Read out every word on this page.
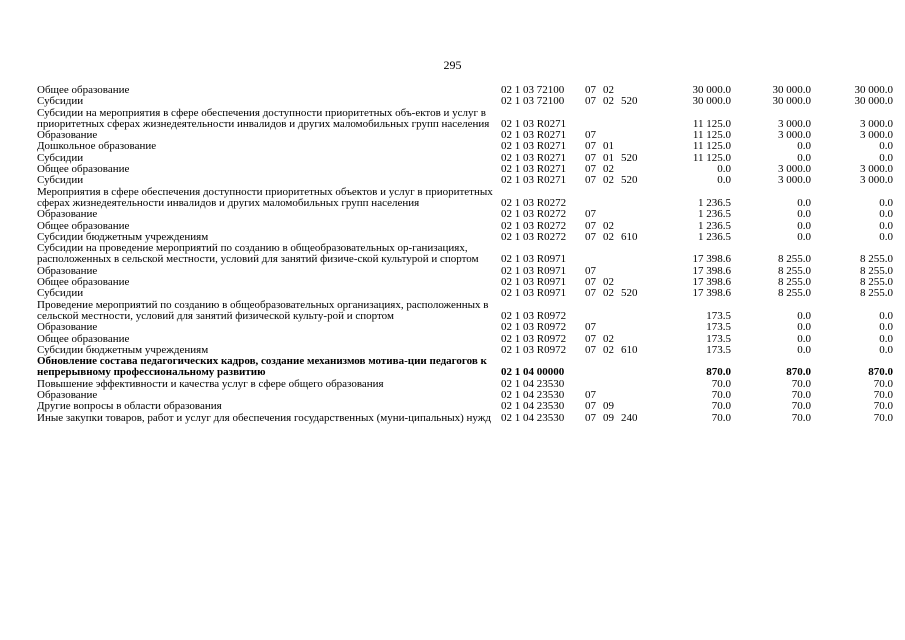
295
Общее образование	02 1 03 72100	07	02		30 000.0	30 000.0	30 000.0
Субсидии	02 1 03 72100	07	02	520	30 000.0	30 000.0	30 000.0
Субсидии на мероприятия в сфере обеспечения доступности приоритетных объ-ектов и услуг в приоритетных сферах жизнедеятельности инвалидов и других маломобильных групп населения	02 1 03 R0271				11 125.0	3 000.0	3 000.0
Образование	02 1 03 R0271	07			11 125.0	3 000.0	3 000.0
Дошкольное образование	02 1 03 R0271	07	01		11 125.0	0.0	0.0
Субсидии	02 1 03 R0271	07	01	520	11 125.0	0.0	0.0
Общее образование	02 1 03 R0271	07	02		0.0	3 000.0	3 000.0
Субсидии	02 1 03 R0271	07	02	520	0.0	3 000.0	3 000.0
Мероприятия в сфере обеспечения доступности приоритетных объектов и услуг в приоритетных сферах жизнедеятельности инвалидов и других маломобильных групп населения	02 1 03 R0272				1 236.5	0.0	0.0
Образование	02 1 03 R0272	07			1 236.5	0.0	0.0
Общее образование	02 1 03 R0272	07	02		1 236.5	0.0	0.0
Субсидии бюджетным учреждениям	02 1 03 R0272	07	02	610	1 236.5	0.0	0.0
Субсидии на проведение мероприятий по созданию в общеобразовательных ор-ганизациях, расположенных в сельской местности, условий для занятий физиче-ской культурой и спортом	02 1 03 R0971				17 398.6	8 255.0	8 255.0
Образование	02 1 03 R0971	07			17 398.6	8 255.0	8 255.0
Общее образование	02 1 03 R0971	07	02		17 398.6	8 255.0	8 255.0
Субсидии	02 1 03 R0971	07	02	520	17 398.6	8 255.0	8 255.0
Проведение мероприятий по созданию в общеобразовательных организациях, расположенных в сельской местности, условий для занятий физической культу-рой и спортом	02 1 03 R0972				173.5	0.0	0.0
Образование	02 1 03 R0972	07			173.5	0.0	0.0
Общее образование	02 1 03 R0972	07	02		173.5	0.0	0.0
Субсидии бюджетным учреждениям	02 1 03 R0972	07	02	610	173.5	0.0	0.0
Обновление состава педагогических кадров, создание механизмов мотива-ции педагогов к непрерывному профессиональному развитию	02 1 04 00000				870.0	870.0	870.0
Повышение эффективности и качества услуг в сфере общего образования	02 1 04 23530				70.0	70.0	70.0
Образование	02 1 04 23530	07			70.0	70.0	70.0
Другие вопросы в области образования	02 1 04 23530	07	09		70.0	70.0	70.0
Иные закупки товаров, работ и услуг для обеспечения государственных (муни-ципальных) нужд	02 1 04 23530	07	09	240	70.0	70.0	70.0
